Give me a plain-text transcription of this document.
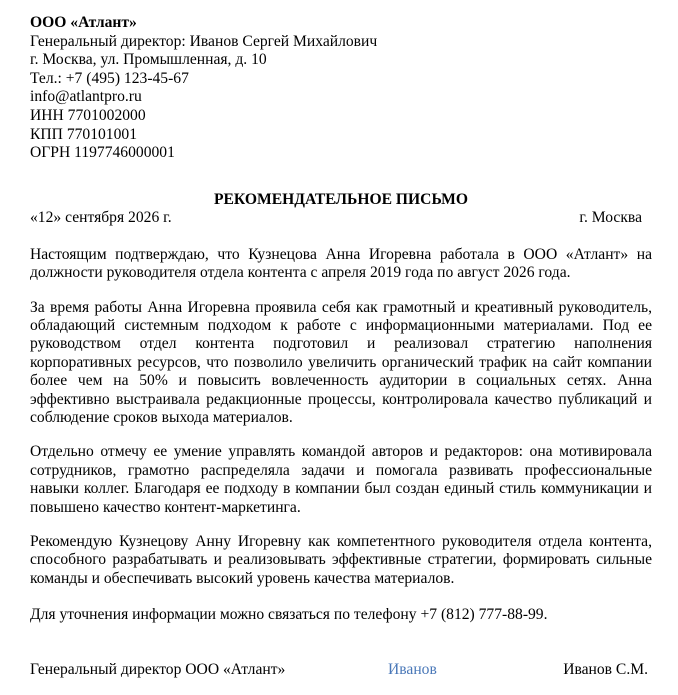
ООО «Атлант»
Генеральный директор: Иванов Сергей Михайлович
г. Москва, ул. Промышленная, д. 10
Тел.: +7 (495) 123-45-67
info@atlantpro.ru
ИНН 7701002000
КПП 770101001
ОГРН 1197746000001
РЕКОМЕНДАТЕЛЬНОЕ ПИСЬМО
«12» сентября 2026 г.	г. Москва

Настоящим подтверждаю, что Кузнецова Анна Игоревна работала в ООО «Атлант» на должности руководителя отдела контента с апреля 2019 года по август 2026 года.

За время работы Анна Игоревна проявила себя как грамотный и креативный руководитель, обладающий системным подходом к работе с информационными материалами. Под ее руководством отдел контента подготовил и реализовал стратегию наполнения корпоративных ресурсов, что позволило увеличить органический трафик на сайт компании более чем на 50% и повысить вовлеченность аудитории в социальных сетях. Анна эффективно выстраивала редакционные процессы, контролировала качество публикаций и соблюдение сроков выхода материалов.

Отдельно отмечу ее умение управлять командой авторов и редакторов: она мотивировала сотрудников, грамотно распределяла задачи и помогала развивать профессиональные навыки коллег. Благодаря ее подходу в компании был создан единый стиль коммуникации и повышено качество контент-маркетинга.

Рекомендую Кузнецову Анну Игоревну как компетентного руководителя отдела контента, способного разрабатывать и реализовывать эффективные стратегии, формировать сильные команды и обеспечивать высокий уровень качества материалов.

Для уточнения информации можно связаться по телефону +7 (812) 777-88-99.

Генеральный директор ООО «Атлант»	Иванов	Иванов С.М.
